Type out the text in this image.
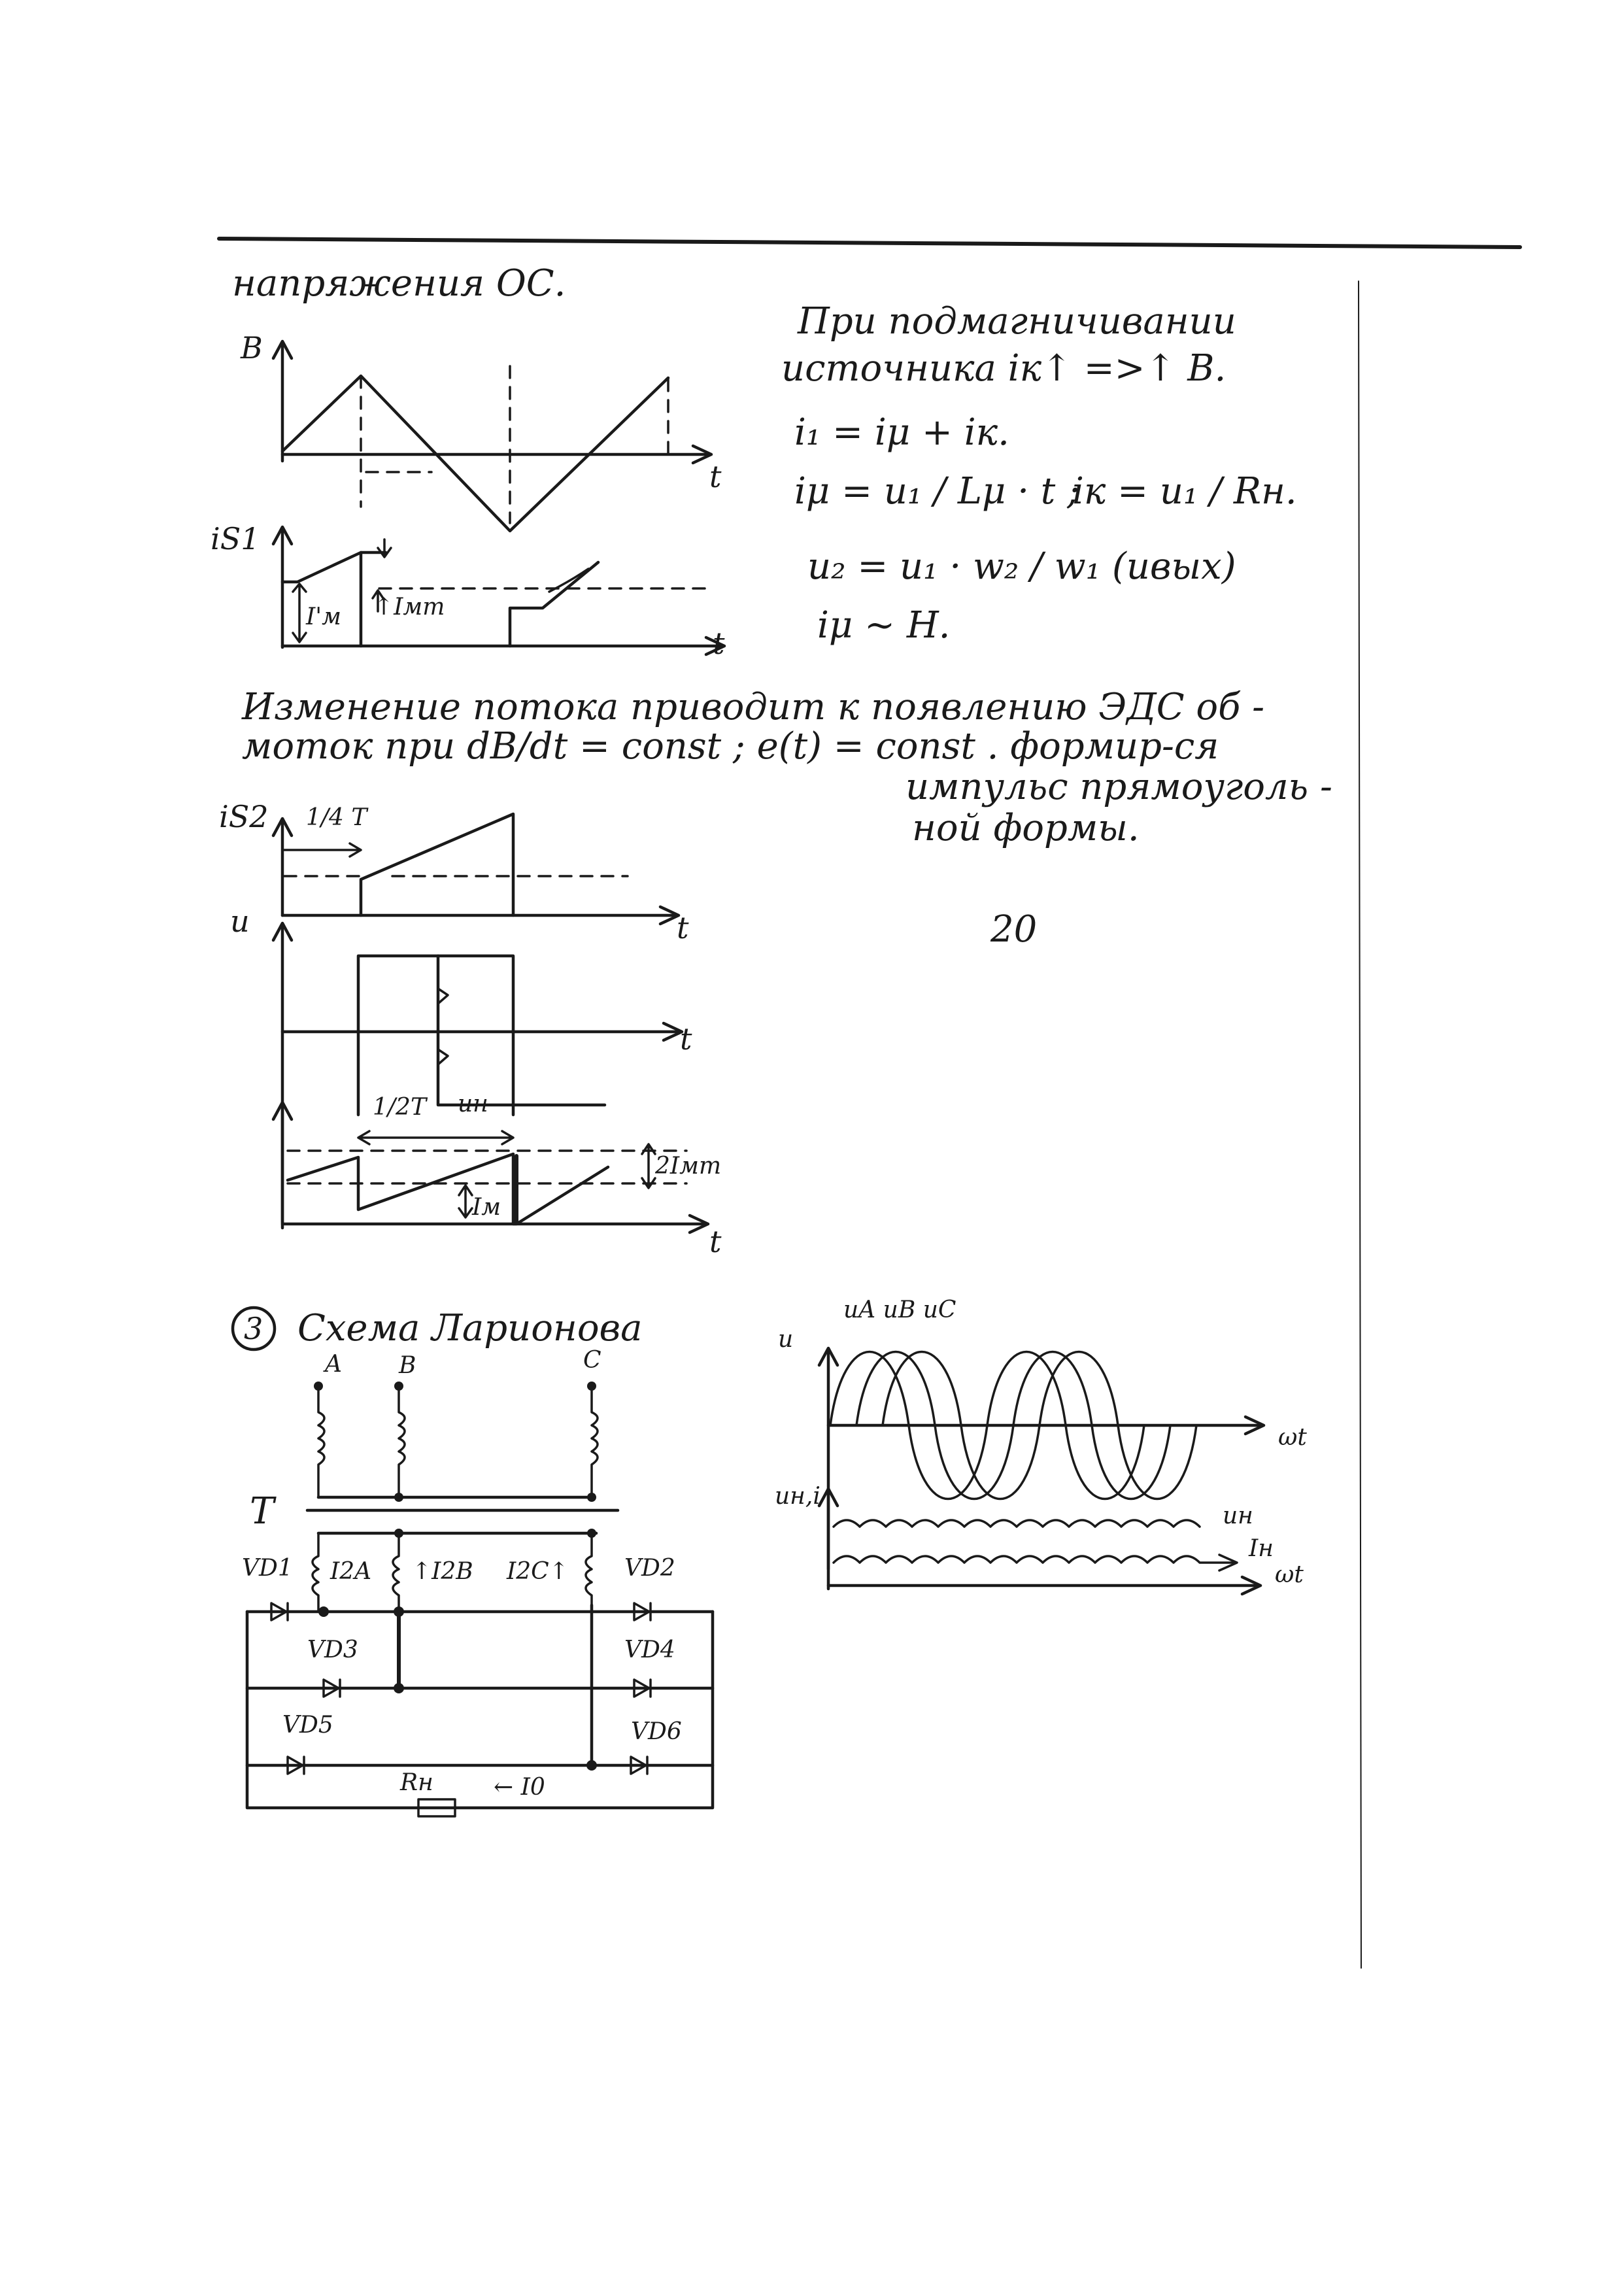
напряжения ОС.
B
t
iS1
I'м ↑Iмm
t
При подмагничивании
источника iк↑ =>↑ B.
i₁ = iμ + iк.
iμ = u₁ / Lμ · t ;
iк = u₁ / Rн.
u₂ = u₁ · w₂ / w₁ (uвых)
iμ ~ H.
Изменение потока приводит к появлению ЭДС об -
моток при dB/dt = const ; e(t) = const . формир-ся
импульс прямоуголь -
ной формы.
20
iS2 1/4 T
t
u
t
uн
1/2T
2Iмm
Iм
t
3 Схема Ларионова
A B	C
T
I2A ↑I2B I2C↑
VD1	VD2
VD3	VD4
VD5	VD6
Rн	← I0
uA uB uC
u
ωt
uн,i
uн
Iн
ωt
